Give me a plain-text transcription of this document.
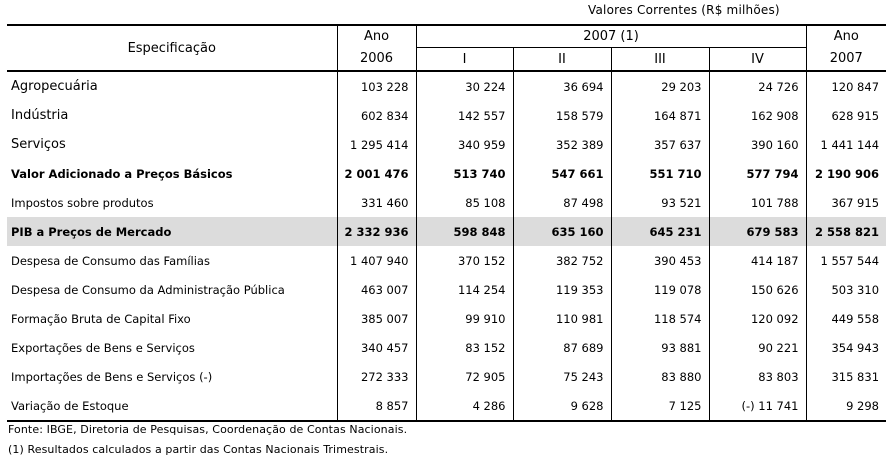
Valores Correntes (R$ milhões)
Especificação	Ano	2007 (1)				Ano
	2006	I	II	III	IV	2007
Agropecuária	103 228	30 224	36 694	29 203	24 726	120 847
Indústria	602 834	142 557	158 579	164 871	162 908	628 915
Serviços	1 295 414	340 959	352 389	357 637	390 160	1 441 144
Valor Adicionado a Preços Básicos	2 001 476	513 740	547 661	551 710	577 794	2 190 906
Impostos sobre produtos	331 460	85 108	87 498	93 521	101 788	367 915
PIB a Preços de Mercado	2 332 936	598 848	635 160	645 231	679 583	2 558 821
Despesa de Consumo das Famílias	1 407 940	370 152	382 752	390 453	414 187	1 557 544
Despesa de Consumo da Administração Pública	463 007	114 254	119 353	119 078	150 626	503 310
Formação Bruta de Capital Fixo	385 007	99 910	110 981	118 574	120 092	449 558
Exportações de Bens e Serviços	340 457	83 152	87 689	93 881	90 221	354 943
Importações de Bens e Serviços (-)	272 333	72 905	75 243	83 880	83 803	315 831
Variação de Estoque	8 857	4 286	9 628	7 125	(-) 11 741	9 298
Fonte: IBGE, Diretoria de Pesquisas, Coordenação de Contas Nacionais.
(1) Resultados calculados a partir das Contas Nacionais Trimestrais.
